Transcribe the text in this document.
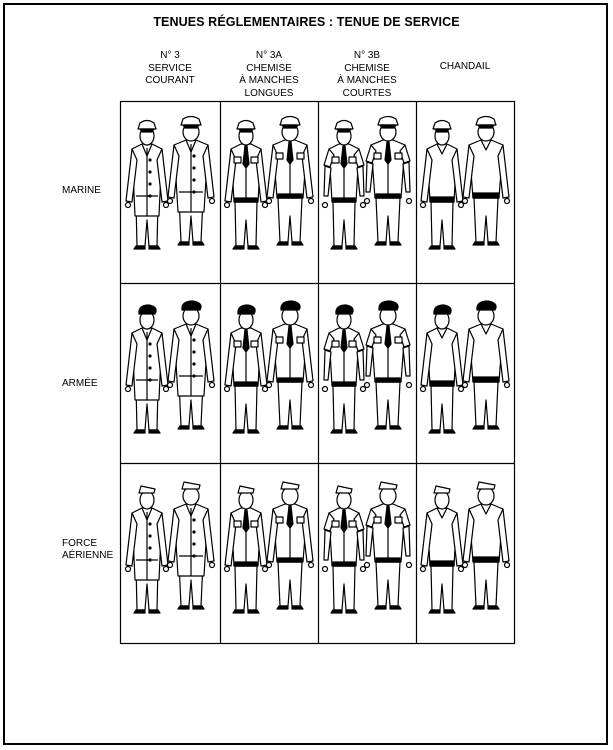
TENUES RÉGLEMENTAIRES : TENUE DE SERVICE
N° 3
SERVICE
COURANT
N° 3A
CHEMISE
À MANCHES
LONGUES
N° 3B
CHEMISE
À MANCHES
COURTES
CHANDAIL
MARINE
ARMÉE
FORCE
AÉRIENNE
